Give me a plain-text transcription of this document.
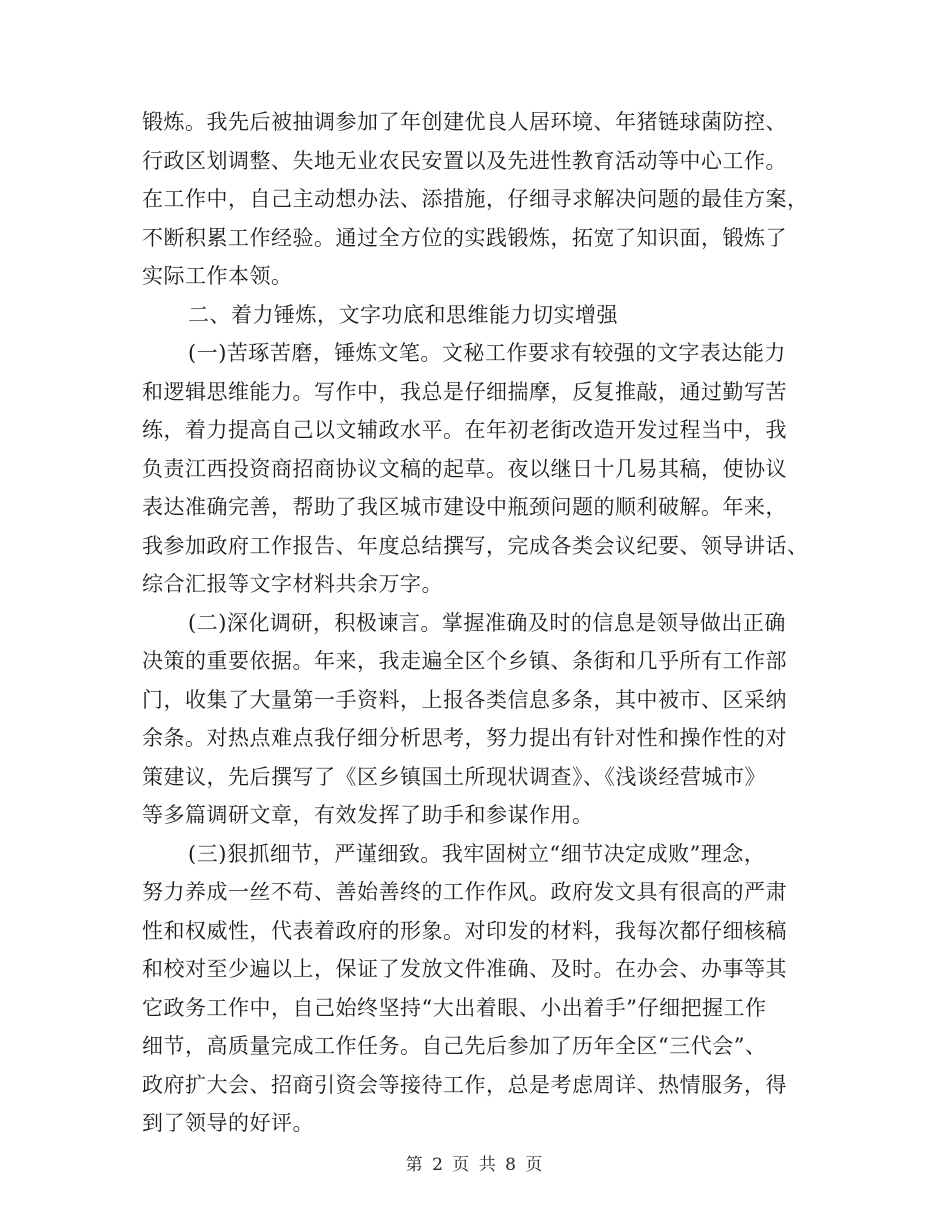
锻炼。我先后被抽调参加了年创建优良人居环境、年猪链球菌防控、
行政区划调整、失地无业农民安置以及先进性教育活动等中心工作。
在工作中，自己主动想办法、添措施，仔细寻求解决问题的最佳方案，
不断积累工作经验。通过全方位的实践锻炼，拓宽了知识面，锻炼了
实际工作本领。

二、着力锤炼，文字功底和思维能力切实增强

(一)苦琢苦磨，锤炼文笔。文秘工作要求有较强的文字表达能力
和逻辑思维能力。写作中，我总是仔细揣摩，反复推敲，通过勤写苦
练，着力提高自己以文辅政水平。在年初老街改造开发过程当中，我
负责江西投资商招商协议文稿的起草。夜以继日十几易其稿，使协议
表达准确完善，帮助了我区城市建设中瓶颈问题的顺利破解。年来，
我参加政府工作报告、年度总结撰写，完成各类会议纪要、领导讲话、
综合汇报等文字材料共余万字。

(二)深化调研，积极谏言。掌握准确及时的信息是领导做出正确
决策的重要依据。年来，我走遍全区个乡镇、条街和几乎所有工作部
门，收集了大量第一手资料，上报各类信息多条，其中被市、区采纳
余条。对热点难点我仔细分析思考，努力提出有针对性和操作性的对
策建议，先后撰写了《区乡镇国土所现状调查》、《浅谈经营城市》
等多篇调研文章，有效发挥了助手和参谋作用。

(三)狠抓细节，严谨细致。我牢固树立“细节决定成败”理念，
努力养成一丝不苟、善始善终的工作作风。政府发文具有很高的严肃
性和权威性，代表着政府的形象。对印发的材料，我每次都仔细核稿
和校对至少遍以上，保证了发放文件准确、及时。在办会、办事等其
它政务工作中，自己始终坚持“大出着眼、小出着手”仔细把握工作
细节，高质量完成工作任务。自己先后参加了历年全区“三代会”、
政府扩大会、招商引资会等接待工作，总是考虑周详、热情服务，得
到了领导的好评。

第 2 页 共 8 页
